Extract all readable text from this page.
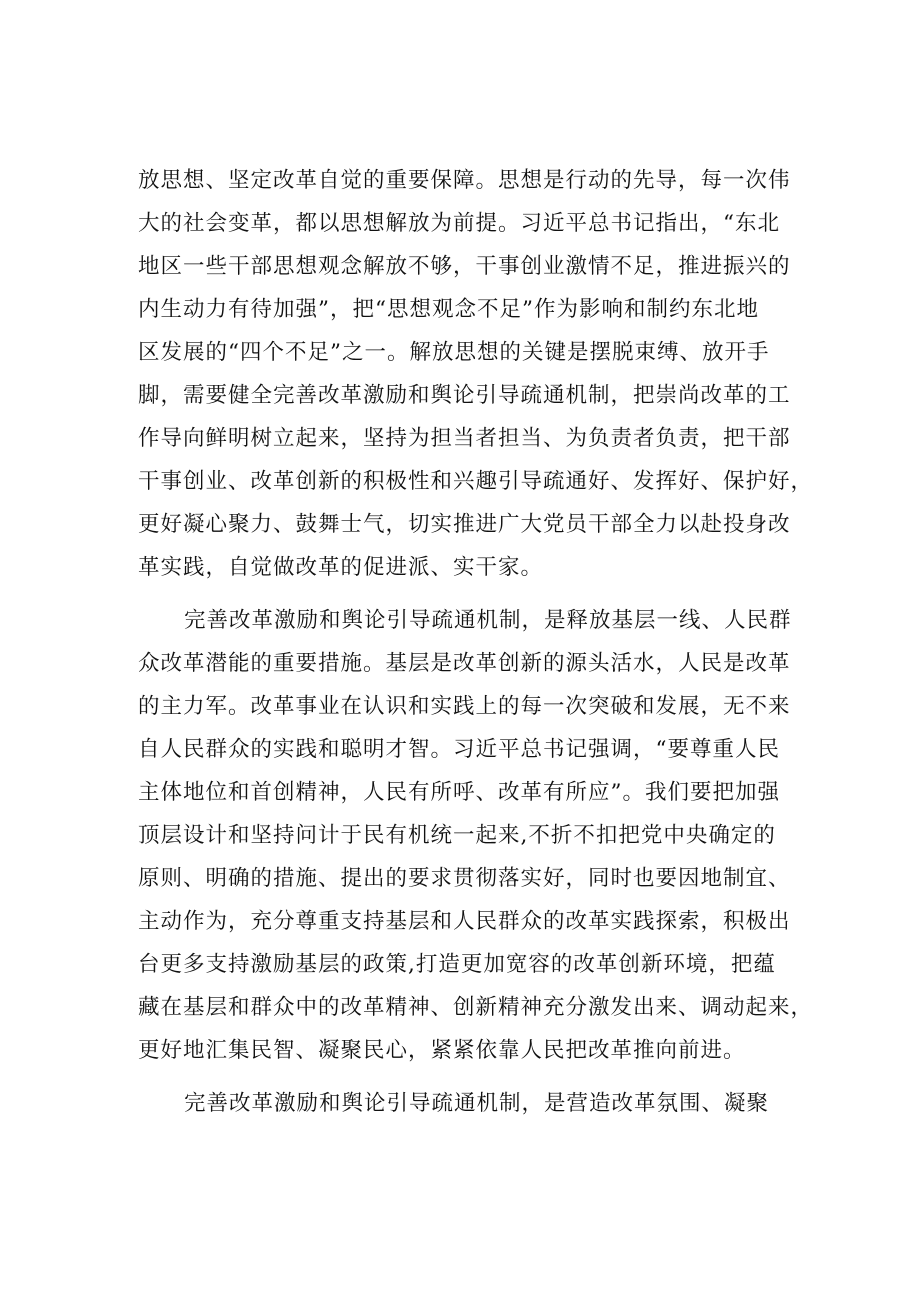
放思想、坚定改革自觉的重要保障。思想是行动的先导，每一次伟
大的社会变革，都以思想解放为前提。习近平总书记指出，“东北
地区一些干部思想观念解放不够，干事创业激情不足，推进振兴的
内生动力有待加强”，把“思想观念不足”作为影响和制约东北地
区发展的“四个不足”之一。解放思想的关键是摆脱束缚、放开手
脚，需要健全完善改革激励和舆论引导疏通机制，把崇尚改革的工
作导向鲜明树立起来，坚持为担当者担当、为负责者负责，把干部
干事创业、改革创新的积极性和兴趣引导疏通好、发挥好、保护好，
更好凝心聚力、鼓舞士气，切实推进广大党员干部全力以赴投身改
革实践，自觉做改革的促进派、实干家。
完善改革激励和舆论引导疏通机制，是释放基层一线、人民群
众改革潜能的重要措施。基层是改革创新的源头活水，人民是改革
的主力军。改革事业在认识和实践上的每一次突破和发展，无不来
自人民群众的实践和聪明才智。习近平总书记强调，“要尊重人民
主体地位和首创精神，人民有所呼、改革有所应”。我们要把加强
顶层设计和坚持问计于民有机统一起来,不折不扣把党中央确定的
原则、明确的措施、提出的要求贯彻落实好，同时也要因地制宜、
主动作为，充分尊重支持基层和人民群众的改革实践探索，积极出
台更多支持激励基层的政策,打造更加宽容的改革创新环境，把蕴
藏在基层和群众中的改革精神、创新精神充分激发出来、调动起来，
更好地汇集民智、凝聚民心，紧紧依靠人民把改革推向前进。
完善改革激励和舆论引导疏通机制，是营造改革氛围、凝聚
